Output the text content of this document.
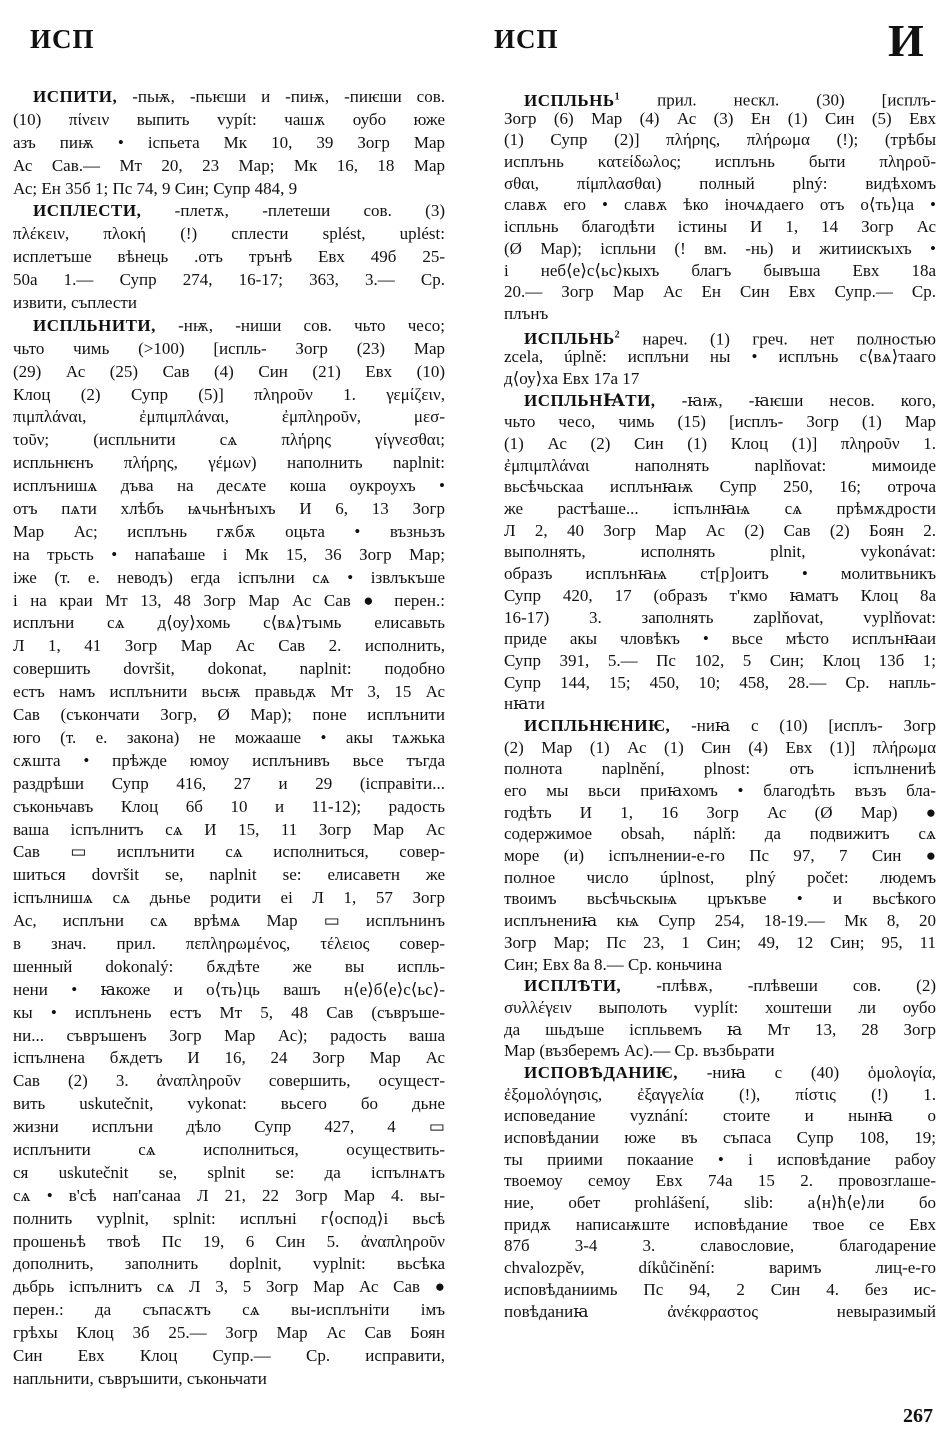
ИСП	ИСП	И
ИСПИТИ, -пьѭ, -пьѥши и -пиѭ, -пиѥши сов.
(10) πίνειν выпить vypít: чашѫ оубо юже
азъ пиѭ • іспьета Мк 10, 39 Зогр Мар
Ас Сав.— Мт 20, 23 Мар; Мк 16, 18 Мар
Ас; Ен 35б 1; Пс 74, 9 Син; Супр 484, 9
ИСПЛЕСТИ, -плетѫ, -плетеши сов. (3)
πλέκειν, πλοκή (!) сплести splést, uplést:
исплетъше вѣнець .отъ трънѣ Евх 49б 25-
50а 1.— Супр 274, 16-17; 363, 3.— Ср.
извити, съплести
ИСПЛЬНИТИ, -нѭ, -ниши сов. чьто чесо;
чьто чимь (>100) [испль- Зогр (23) Мар
(29) Ас (25) Сав (4) Син (21) Евх (10)
Клоц (2) Супр (5)] πληροῦν 1. γεμίζειν,
πιμπλάναι, ἐμπιμπλάναι, ἐμπληροῦν, μεσ-
τοῦν; (испльнити сѧ πλήρης γίγνεσθαι;
испльнѥнъ πλήρης, γέμων) наполнить naplnit:
исплънишѧ дъва на десѧте коша оукроухъ •
отъ пѧти хлѣбъ ѩчьнѣнъıхъ И 6, 13 Зогр
Мар Ас; исплънь гѫбѫ оцьта • възньзъ
на трьсть • напаѣаше і Мк 15, 36 Зогр Мар;
іже (т. е. неводъ) егда іспълни сѧ • ізвлъкъше
і на краи Мт 13, 48 Зогр Мар Ас Сав ● перен.:
исплъни сѧ д⟨оу⟩хомь с⟨вѧ⟩тъıмь елисавьть
Л 1, 41 Зогр Мар Ас Сав 2. исполнить,
совершить dovršit, dokonat, naplnit: подобно
естъ намъ исплънити вьсѭ правьдѫ Мт 3, 15 Ас
Сав (съкончати Зогр, Ø Мар); поне исплънити
юго (т. е. закона) не можааше • акы тѧжька
сѫшта • прѣжде юмоу исплънивъ вьсе тъгда
раздрѣши Супр 416, 27 и 29 (іcправiти...
съконьчавъ Клоц 6б 10 и 11-12); радость
ваша іспълнитъ сѧ И 15, 11 Зогр Мар Ас
Сав ▭ исплънити сѧ исполниться, совер-
шиться dovršit se, naplnit se: елисаветн же
іспълнишѧ сѧ дьнье родити еі Л 1, 57 Зогр
Ас, исплъни сѧ врѣмѧ Мар ▭ исплънинъ
в знач. прил. πεπληρωμένος, τέλειος совер-
шенный dokonalý: бѫдѣте же вы испль-
нени • ꙗкоже и о⟨ть⟩ць вашъ н⟨е⟩б⟨е⟩с⟨ьс⟩-
кы • исплънень естъ Мт 5, 48 Сав (съвръше-
ни... съвръшенъ Зогр Мар Ас); радость ваша
іспълнена бѫдетъ И 16, 24 Зогр Мар Ас
Сав (2) 3. ἀναπληροῦν совершить, осущест-
вить uskutečnit, vykonat: вьсего бо дьне
жизни исплъни дѣло Супр 427, 4 ▭
исплънити сѧ исполниться, осуществить-
ся uskutečnit se, splnit se: да іспълнѧтъ
сѧ • в'сѣ нап'санаа Л 21, 22 Зогр Мар 4. вы-
полнить vyplnit, splnit: исплъні г⟨оспод⟩і вьсѣ
прошеньѣ твоѣ Пс 19, 6 Син 5. ἀναπληροῦν
дополнить, заполнить doplnit, vyplnit: вьсѣка
дьбрь іспълнитъ сѧ Л 3, 5 Зогр Мар Ас Сав ●
перен.: да съпасѫтъ сѧ вы-исплънiти імъ
грѣхы Клоц 3б 25.— Зогр Мар Ас Сав Боян
Син Евх Клоц Супр.— Ср. исправити,
напльнити, съвръшити, съконьчати
ИСПЛЬНЬ$^1$ прил. нескл. (30) [исплъ-
Зогр (6) Мар (4) Ас (3) Ен (1) Син (5) Евх
(1) Супр (2)] πλήρης, πλήρωμα (!); (трѣбы
исплънь κατείδωλος; исплънь быти πληροῦ-
σθαι, πίμπλασθαι) полный plný: видѣхомъ
славѫ его • славѫ ѣко іночѧдаего отъ о⟨ть⟩ца •
іспльнь благодѣти істины И 1, 14 Зогр Ас
(Ø Мар); іспльни (! вм. -нь) и житиискъıхъ •
і неб⟨е⟩с⟨ьс⟩кыхъ благъ бывъша Евх 18а
20.— Зогр Мар Ас Ен Син Евх Супр.— Ср.
плънъ
ИСПЛЬНЬ$^2$ нареч. (1) греч. нет полностью
zcela, úplně: исплъни ны • исплънь с⟨вѧ⟩тааго
д⟨оу⟩ха Евх 17а 17
ИСПЛЬНꙖТИ, -ꙗѭ, -ꙗѥши несов. кого,
чьто чесо, чимь (15) [исплъ- Зогр (1) Мар
(1) Ас (2) Син (1) Клоц (1)] πληροῦν 1.
ἐμπιμπλάναι наполнять naplňovat: мимоиде
вьсѣчьскаа исплънꙗѭ Супр 250, 16; отроча
же растѣаше... іспълнꙗѩ сѧ прѣмѫдрости
Л 2, 40 Зогр Мар Ас (2) Сав (2) Боян 2.
выполнять, исполнять plnit, vykonávat:
образъ исплънꙗѩ ст[р]оитъ • молитвьникъ
Супр 420, 17 (образъ т'кмо ꙗматъ Клоц 8а
16-17) 3. заполнять zaplňovat, vyplňovat:
приде акы чловѣкъ • вьсе мѣсто исплънꙗаи
Супр 391, 5.— Пс 102, 5 Син; Клоц 13б 1;
Супр 144, 15; 450, 10; 458, 28.— Ср. напль-
нꙗти
ИСПЛЬНѤНИѤ, -ниꙗ с (10) [исплъ- Зогр
(2) Мар (1) Ас (1) Син (4) Евх (1)] πλήρωμα
полнота naplnění, plnost: отъ іспълнениѣ
его мы вьси приꙗхомъ • благодѣть възъ бла-
годѣть И 1, 16 Зогр Ас (Ø Мар) ●
содержимое obsah, náplň: да подвижитъ сѧ
море (и) іспълнении-е-го Пс 97, 7 Син ●
полное число úplnost, plný počet: людемъ
твоимъ вьсѣчьскыѩ цръкъве • и вьсѣкого
исплънениꙗ кѩ Супр 254, 18-19.— Мк 8, 20
Зогр Мар; Пс 23, 1 Син; 49, 12 Син; 95, 11
Син; Евх 8а 8.— Ср. коньчина
ИСПЛѢТИ, -плѣвѫ, -плѣвеши сов. (2)
συλλέγειν выполоть vyplít: хоштеши ли оубо
да шьдъше іспльвемъ ꙗ Мт 13, 28 Зогр
Мар (възберемъ Ас).— Ср. възбьрати
ИСПОВѢДАНИѤ, -ниꙗ с (40) ὁμολογία,
ἐξομολόγησις, ἐξαγγελία (!), πίστις (!) 1.
исповедание vyznání: стоите и нынꙗ о
исповѣдании юже въ съпаса Супр 108, 19;
ты приими покаание • і исповѣдание рабоу
твоемоу семоу Евх 74а 15 2. провозглаше-
ние, обет prohlášení, slib: а⟨н⟩ћ⟨е⟩ли бо
придѫ написаѭште исповѣдание твое се Евх
87б 3-4 3. славословие, благодарение
chvalozpěv, díkůčinění: варимъ лиц-е-го
исповѣданиимь Пс 94, 2 Син 4. без ис-
повѣданиꙗ ἀνέκφραστος невыразимый
267
